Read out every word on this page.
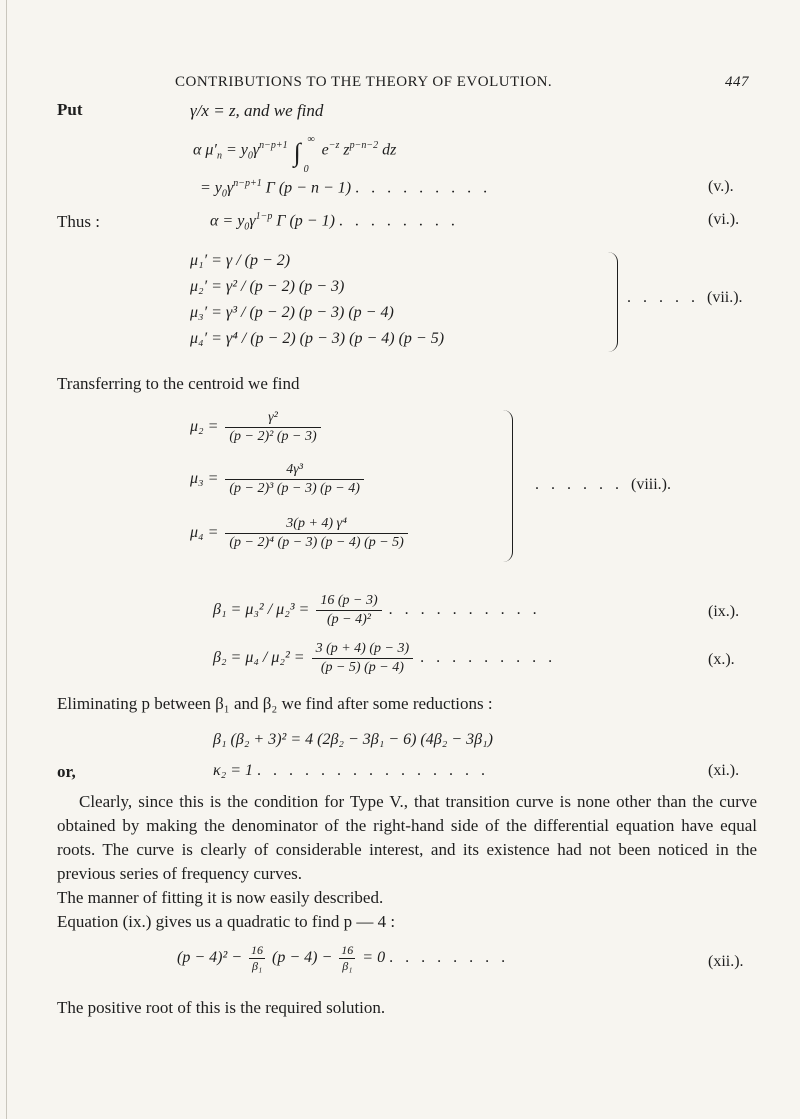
CONTRIBUTIONS TO THE THEORY OF EVOLUTION.	447
Put	γ/x = z, and we find
α $\mu'_n = y_0\gamma^{n-p+1}$ ∫ ∞
0
$e^{-z}$ $z^{p-n-2}$ dz
= $y_0\gamma^{n-p+1}$ Γ (p − n − 1) . . . . . . . . .	(v.).
Thus :	$\alpha = y_0\gamma^{1-p}$ Γ (p − 1) . . . . . . . .	(vi.).
μ₁′ = γ / (p − 2)
μ₂′ = γ² / (p − 2) (p − 3)
μ₃′ = γ³ / (p − 2) (p − 3) (p − 4)
μ₄′ = γ⁴ / (p − 2) (p − 3) (p − 4) (p − 5)
. . . . . (vii.).
Transferring to the centroid we find
$\mu_2 = \frac{\text{γ²}}{\text{(p − 2)² (p − 3)}}$
$\mu_3 = \frac{\text{4γ³}}{\text{(p − 2)³ (p − 3) (p − 4)}}$
$\mu_4 = \frac{\text{3(p + 4) γ⁴}}{\text{(p − 2)⁴ (p − 3) (p − 4) (p − 5)}}$
. . . . . . (viii.).
$\beta_1 = \mu_3^2 / \mu_2^3 = \frac{16 (p - 3)}{\text{(p − 4)²}}$ . . . . . . . . . .	(ix.).
$\beta_2 = \mu_4 / \mu_2^2 = \frac{3 (p + 4) (p - 3)}{(p - 5) (p - 4)}$ . . . . . . . . .	(x.).
Eliminating p between β₁ and β₂ we find after some reductions :
β₁ (β₂ + 3)² = 4 (2β₂ − 3β₁ − 6) (4β₂ − 3β₁)
or,	κ₂ = 1 . . . . . . . . . . . . . . .	(xi.).
Clearly, since this is the condition for Type V., that transition curve is none other than the curve obtained by making the denominator of the right-hand side of the differential equation have equal roots. The curve is clearly of considerable interest, and its existence had not been noticed in the previous series of frequency curves.
The manner of fitting it is now easily described.
Equation (ix.) gives us a quadratic to find p — 4 :
$(p - 4)^2 - \frac{16}{\text{β₁}} (p - 4) - \frac{16}{\text{β₁}} = 0$ . . . . . . . .	(xii.).
The positive root of this is the required solution.
